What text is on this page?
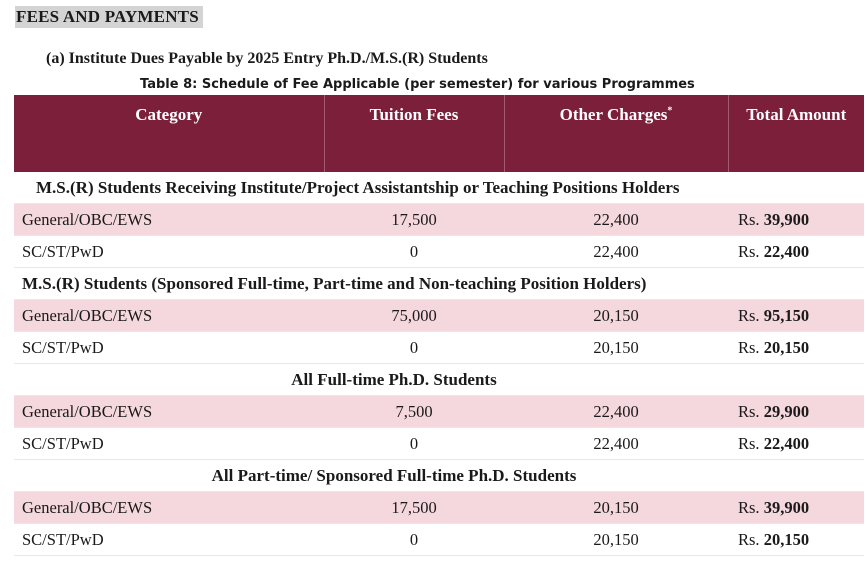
FEES AND PAYMENTS
(a) Institute Dues Payable by 2025 Entry Ph.D./M.S.(R) Students
Table 8: Schedule of Fee Applicable (per semester) for various Programmes
Category	Tuition Fees	Other Charges*	Total Amount
M.S.(R) Students Receiving Institute/Project Assistantship or Teaching Positions Holders			
General/OBC/EWS	17,500	22,400	Rs. 39,900
SC/ST/PwD	0	22,400	Rs. 22,400
M.S.(R) Students (Sponsored Full-time, Part-time and Non-teaching Position Holders)			
General/OBC/EWS	75,000	20,150	Rs. 95,150
SC/ST/PwD	0	20,150	Rs. 20,150
All Full-time Ph.D. Students			
General/OBC/EWS	7,500	22,400	Rs. 29,900
SC/ST/PwD	0	22,400	Rs. 22,400
All Part-time/ Sponsored Full-time Ph.D. Students			
General/OBC/EWS	17,500	20,150	Rs. 39,900
SC/ST/PwD	0	20,150	Rs. 20,150
